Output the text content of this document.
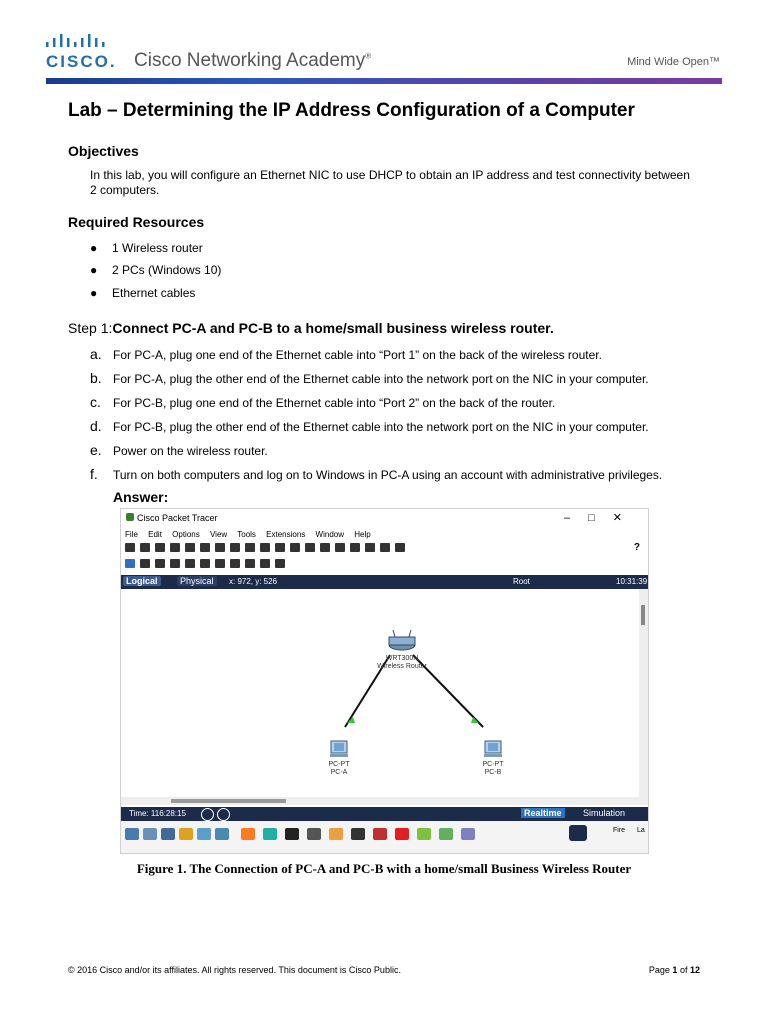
CISCO. Cisco Networking Academy®	Mind Wide Open™
Lab – Determining the IP Address Configuration of a Computer
Objectives
In this lab, you will configure an Ethernet NIC to use DHCP to obtain an IP address and test connectivity between 2 computers.
Required Resources
● 1 Wireless router
● 2 PCs (Windows 10)
● Ethernet cables
Step 1:Connect PC-A and PC-B to a home/small business wireless router.
a. For PC-A, plug one end of the Ethernet cable into “Port 1” on the back of the wireless router.
b. For PC-A, plug the other end of the Ethernet cable into the network port on the NIC in your computer.
c. For PC-B, plug one end of the Ethernet cable into “Port 2” on the back of the router.
d. For PC-B, plug the other end of the Ethernet cable into the network port on the NIC in your computer.
e. Power on the wireless router.
f. Turn on both computers and log on to Windows in PC-A using an account with administrative privileges.
Answer:
Cisco Packet Tracer	–□✕
File Edit Options View Tools Extensions Window Help
?
Logical	Physical	x: 972, y: 526	Root	10:31:39
WRT300N
Wireless Router
PC-PT
PC-A
PC-PT
PC-B
Time: 116:28:15	Realtime	Simulation
Fire La
Figure 1. The Connection of PC-A and PC-B with a home/small Business Wireless Router
© 2016 Cisco and/or its affiliates. All rights reserved. This document is Cisco Public.	Page 1 of 12
